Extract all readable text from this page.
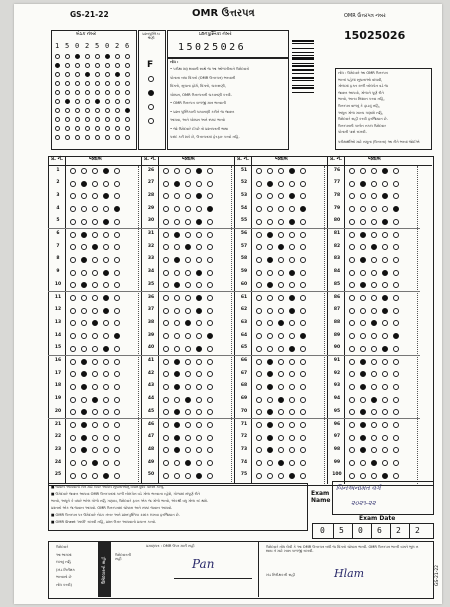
GS-21-22	OMR ઉત્તરપત્ર	OMR ઉત્તરપત્ર નંબર
15025026
બેઠક નંબર
1 5 0 2 5 0 2 6
પ્રશ્નપુસ્તિકા શ્રેણી
F
પ્રશ્નપુસ્તિકા નંબર
15025026
નોંધ :
• પરીક્ષા શરૂ થવાની સાથે જ આ ઓળખીતાને ઉમેદવારો
પોતાના બધા વિગતો (OMR ઉત્તરપત્ર) ભરવાની
વિગતો, સુચના ફોર્મ, વિગતો, ચકાસણી,
ચોક્કસ, OMR ઉત્તરપત્રની ચકાસણી કરવી.
• OMR ઉત્તરપત્ર કાળજી માત્ર ભરવાની
• પ્રશ્ન પુસ્તિકાની ચકાસણી કરીને જ જવાબ
આપવા, અને ચોક્કસ અને સ્પષ્ટ ભરવો
• જો ઉમેદવારે ઈચ્છે તો પ્રશ્નપત્રની ભાષા
પસંદ કરી શકે છે, ઉત્તરપત્રમાં ફેરફાર કરવો નહિ.
નોંધ : ઉમેદવારે આ OMR ઉત્તરપત્ર
ભરતાં પહેલાં સૂચનાઓ વાંચવી,
ગોળામાં ફક્ત કાળી બોલપેન વડે જ
જવાબ આપવો, ગોળાને પૂર્ણ રીતે
ભરવો, અન્ય નિશાન કરવા નહિ,
ઉત્તરપત્ર વાળવું કે ફાડવું નહિ,
અધૂરા ગોળા માન્ય ગણાશે નહિ,
ઉમેદવારે સહી કરવી ફરજિયાત છે.
ઉત્તરપત્રની કાર્બન નકલ ઉમેદવાર
પોતાની પાસે રાખવી.
પરીક્ષાર્થીઓ માટે નમૂના (ઉત્તરના) આ રીતે ભરવાં જોઈએ
પ્ર. નં.	જવાબ
1
2
3
4
5
6
7
8
9
10
11
12
13
14
15
16
17
18
19
20
21
22
23
24
25
પ્ર. નં.	જવાબ
26
27
28
29
30
31
32
33
34
35
36
37
38
39
40
41
42
43
44
45
46
47
48
49
50
પ્ર. નં.	જવાબ
51
52
53
54
55
56
57
58
59
60
61
62
63
64
65
66
67
68
69
70
71
72
73
74
75
પ્ર. નં.	જવાબ
76
77
78
79
80
81
82
83
84
85
86
87
88
89
90
91
92
93
94
95
96
97
98
99
100
■ જવાબ આપવાની રીત માટે ઉપર આપેલ સૂચનાઓનું ધ્યાનપૂર્વક પાલન કરવું.
■ ઉમેદવારે જવાબ આપવા OMR ઉત્તરપત્રમાં કાળી બોલપેન વડે ગોળા ભરવાના રહેશે, ગોળામાં સંપૂર્ણ રીતે
ભરવો, અધૂરો કે વધારે ભરેલ ગોળો નહિ ગણાય, ઉમેદવારે ફક્ત એક જ ગોળો ભરવો, એકથી વધુ ગોળા રદ થશે.
પ્રશ્નનો એક જ જવાબ આપવો. OMR ઉત્તરપત્રમાં ચોક્કસ અને સ્પષ્ટ જવાબ આપવો.
■ OMR ઉત્તરપત્ર પર ઉમેદવારે બેઠક નંબર અને પ્રશ્નપુસ્તિકા ક્રમાંક લખવા ફરજિયાત છે.
■ OMR Sheet 'ખાલી' રાખવી નહિ, પ્રશ્ન ઉત્તર આપવાનો પ્રયત્ન કરવો.
Exam Name
બિનઅનામત વર્ગ
૨૦૨૧-૨૨
Exam Date
0 5 0 6 2 2
ઉમેદવારની સહી
ઉમેદવારે
આ ભાગમાં
લખવું નહિ
(ખંડ નિરીક્ષક
ભરવાનો છે
નોંધ કરવી)
પ્રમાણપત્ર : OMR ઉપર મારી સહી
ઉમેદવારની સહી	Pan
ખંડ નિરીક્ષકની સહી	Hlam
ઉમેદવારે નોંધ લેવી કે આ OMR ઉત્તરપત્ર બધી જ વિગતો ચોક્કસ ભરવી. OMR ઉત્તરપત્ર ભરતી વખતે ભૂલ ન થાય તે માટે ખાસ કાળજી રાખવી.
GS-21-22
